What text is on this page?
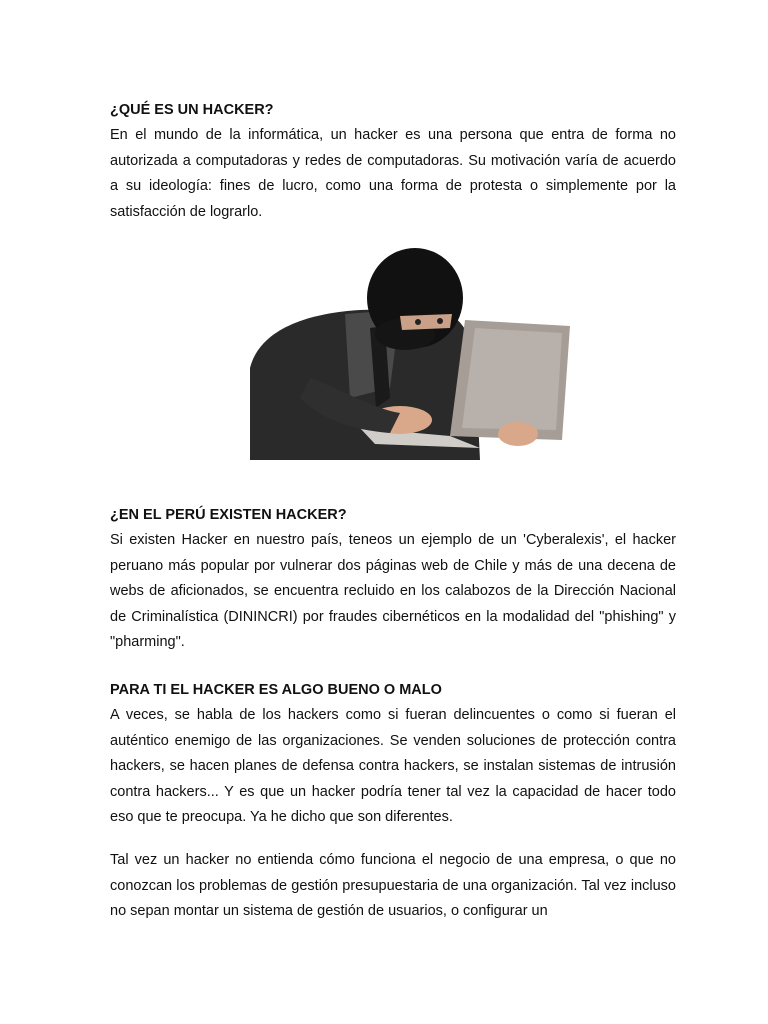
¿QUÉ ES UN HACKER?

En el mundo de la informática, un hacker es una persona que entra de forma no autorizada a computadoras y redes de computadoras. Su motivación varía de acuerdo a su ideología: fines de lucro, como una forma de protesta o simplemente por la satisfacción de lograrlo.

¿EN EL PERÚ EXISTEN HACKER?

Si existen Hacker en nuestro país, teneos un ejemplo de un 'Cyberalexis', el hacker peruano más popular por vulnerar dos páginas web de Chile y más de una decena de webs de aficionados, se encuentra recluido en los calabozos de la Dirección Nacional de Criminalística (DININCRI) por fraudes cibernéticos en la modalidad del "phishing" y "pharming".

PARA TI EL HACKER ES ALGO BUENO O MALO

A veces, se habla de los hackers como si fueran delincuentes o como si fueran el auténtico enemigo de las organizaciones. Se venden soluciones de protección contra hackers, se hacen planes de defensa contra hackers, se instalan sistemas de intrusión contra hackers... Y es que un hacker podría tener tal vez la capacidad de hacer todo eso que te preocupa. Ya he dicho que son diferentes.

Tal vez un hacker no entienda cómo funciona el negocio de una empresa, o que no conozcan los problemas de gestión presupuestaria de una organización. Tal vez incluso no sepan montar un sistema de gestión de usuarios, o configurar un
